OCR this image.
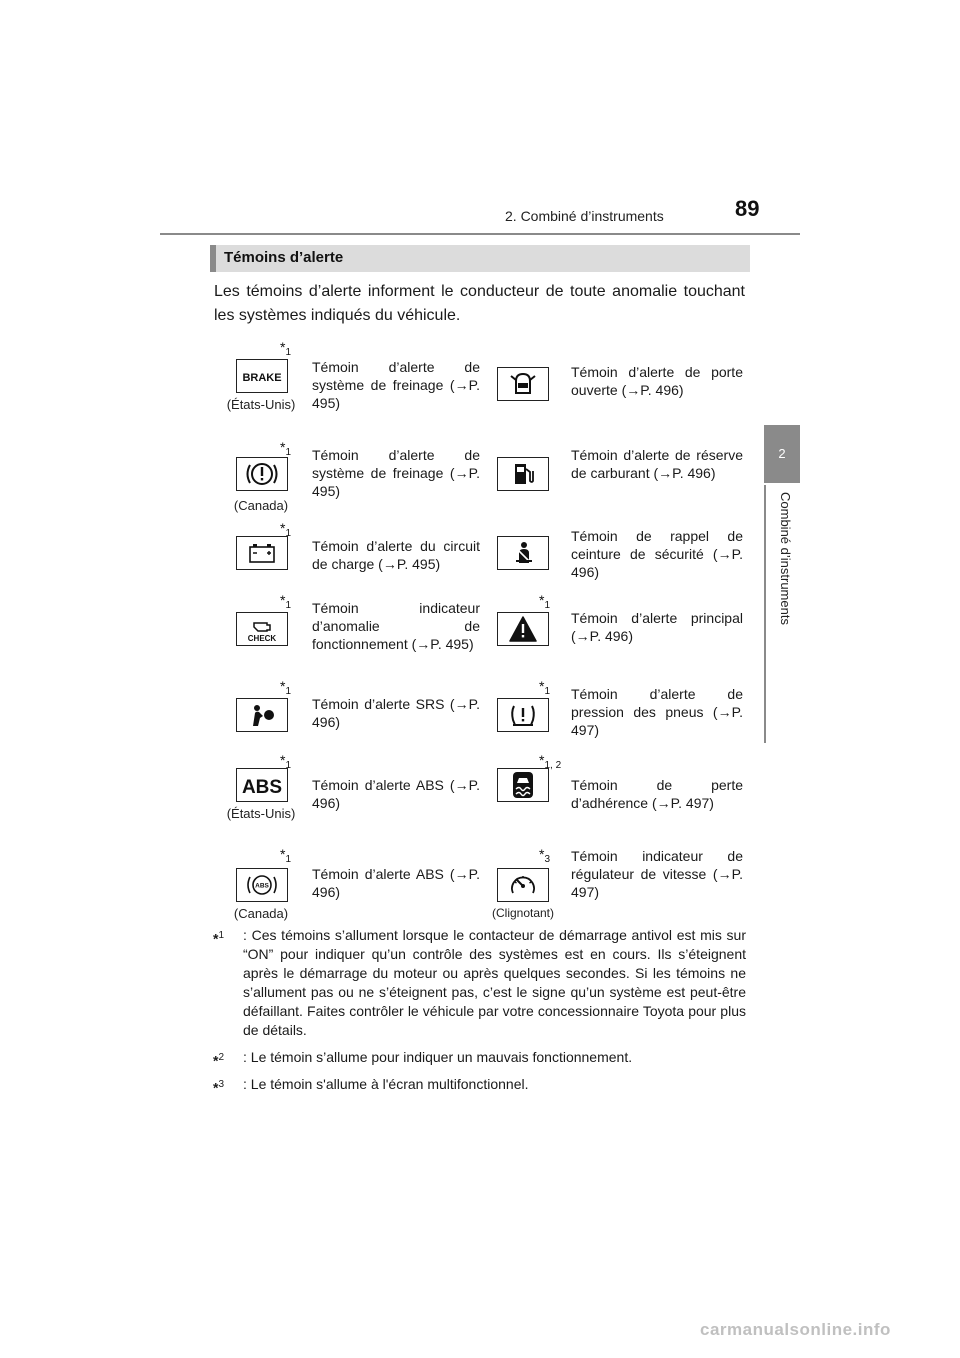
2. Combiné d’instruments	89
2
Combiné d’instruments
Témoins d’alerte
Les témoins d’alerte informent le conducteur de toute anomalie touchant les systèmes indiqués du véhicule.
$*_1$
BRAKE
(États-Unis)
Témoin d’alerte de système de freinage (→P. 495)
Témoin d’alerte de porte ouverte (→P. 496)
$*_1$
(Canada)
Témoin d’alerte de système de freinage (→P. 495)
Témoin d’alerte de réserve de carburant (→P. 496)
$*_1$
Témoin d’alerte du circuit de charge (→P. 495)
Témoin de rappel de ceinture de sécurité (→P. 496)
$*_1$
CHECK
Témoin indicateur d’anomalie de fonctionnement (→P. 495)
$*_1$
Témoin d’alerte principal (→P. 496)
$*_1$
Témoin d’alerte SRS (→P. 496)
$*_1$ Témoin d’alerte de pression des pneus (→P. 497)
$*_1$
ABS
(États-Unis)
Témoin d’alerte ABS (→P. 496)
$*_{1, 2}$
Témoin de perte d’adhérence (→P. 497)
$*_1$
ABS
(Canada)
Témoin d’alerte ABS (→P. 496)
$*_3$
(Clignotant)
Témoin indicateur de régulateur de vitesse (→P. 497)
*$^1$ : Ces témoins s’allument lorsque le contacteur de démarrage antivol est mis sur “ON” pour indiquer qu’un contrôle des systèmes est en cours. Ils s’éteignent après le démarrage du moteur ou après quelques secondes. Si les témoins ne s’allument pas ou ne s’éteignent pas, c’est le signe qu’un système est peut-être défaillant. Faites contrôler le véhicule par votre concessionnaire Toyota pour plus de détails.
*$^2$ : Le témoin s’allume pour indiquer un mauvais fonctionnement.
*$^3$ : Le témoin s'allume à l'écran multifonctionnel.
carmanualsonline.info
